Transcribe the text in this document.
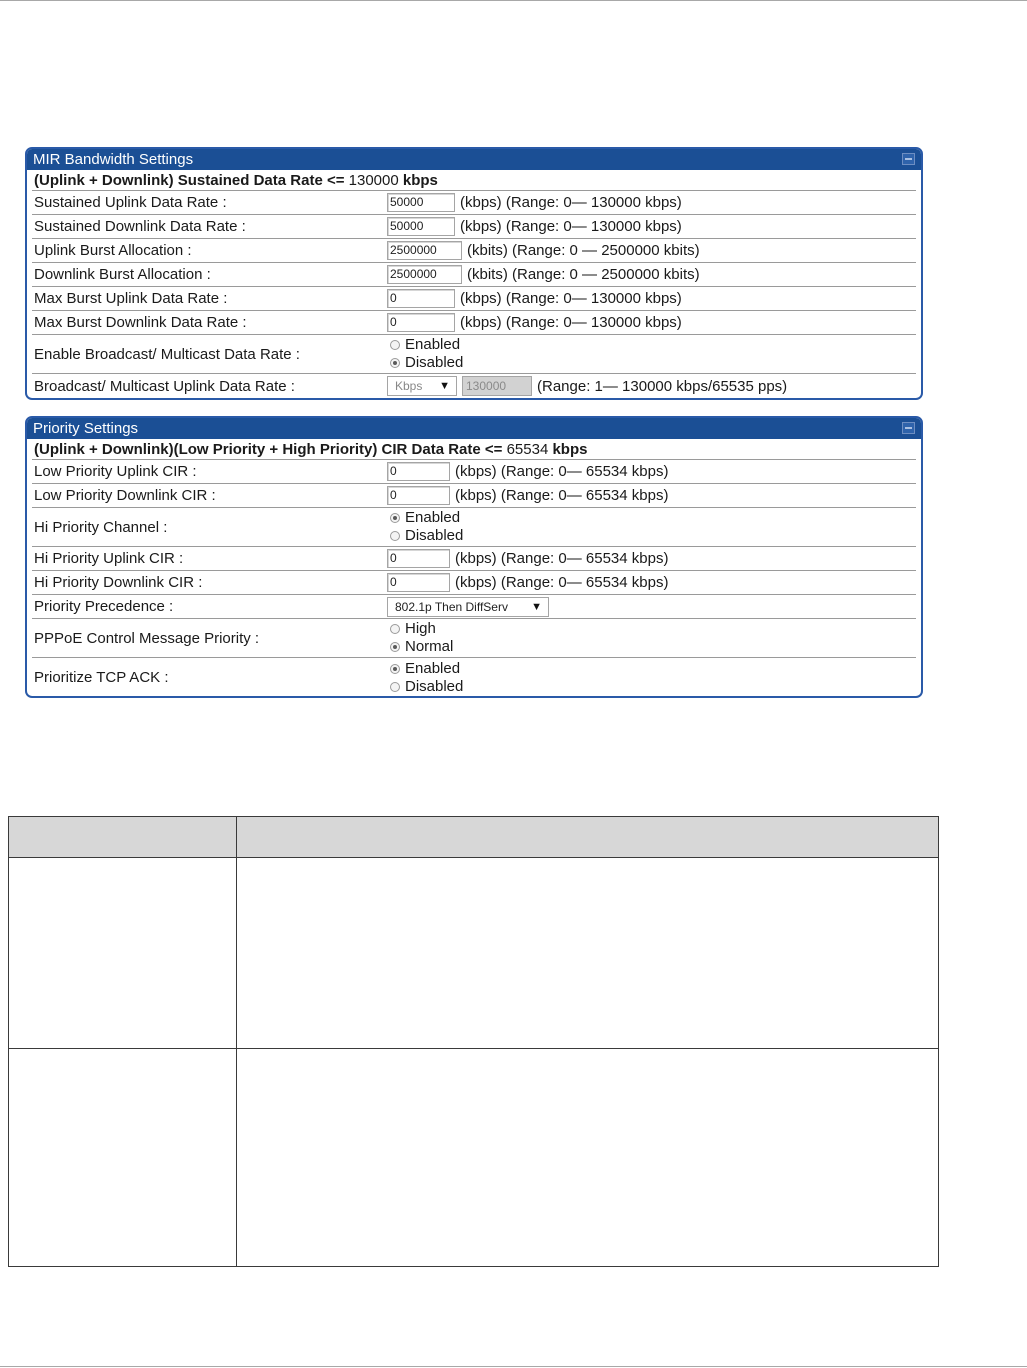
MIR Bandwidth Settings
(Uplink + Downlink) Sustained Data Rate <= 130000 kbps
Sustained Uplink Data Rate :	50000	(kbps) (Range: 0— 130000 kbps)
Sustained Downlink Data Rate :	50000	(kbps) (Range: 0— 130000 kbps)
Uplink Burst Allocation :	2500000	(kbits) (Range: 0 — 2500000 kbits)
Downlink Burst Allocation :	2500000	(kbits) (Range: 0 — 2500000 kbits)
Max Burst Uplink Data Rate :	0	(kbps) (Range: 0— 130000 kbps)
Max Burst Downlink Data Rate :	0	(kbps) (Range: 0— 130000 kbps)
Enable Broadcast/ Multicast Data Rate :
Enabled
Disabled
Broadcast/ Multicast Uplink Data Rate :	Kbps ▼	130000	(Range: 1— 130000 kbps/65535 pps)
Priority Settings
(Uplink + Downlink)(Low Priority + High Priority) CIR Data Rate <= 65534 kbps
Low Priority Uplink CIR :	0	(kbps) (Range: 0— 65534 kbps)
Low Priority Downlink CIR :	0	(kbps) (Range: 0— 65534 kbps)
Hi Priority Channel :
Enabled
Disabled
Hi Priority Uplink CIR :	0	(kbps) (Range: 0— 65534 kbps)
Hi Priority Downlink CIR :	0	(kbps) (Range: 0— 65534 kbps)
Priority Precedence :	802.1p Then DiffServ ▼
PPPoE Control Message Priority :
High
Normal
Prioritize TCP ACK :
Enabled
Disabled
